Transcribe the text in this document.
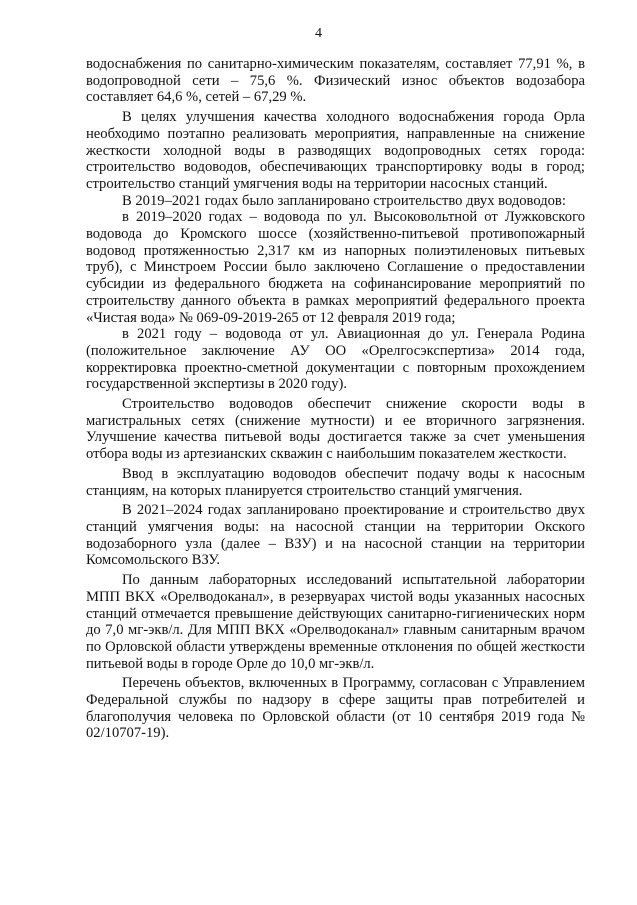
4

водоснабжения по санитарно-химическим показателям, составляет 77,91 %, в водопроводной сети – 75,6 %. Физический износ объектов водозабора составляет 64,6 %, сетей – 67,29 %.

В целях улучшения качества холодного водоснабжения города Орла необходимо поэтапно реализовать мероприятия, направленные на снижение жесткости холодной воды в разводящих водопроводных сетях города: строительство водоводов, обеспечивающих транспортировку воды в город; строительство станций умягчения воды на территории насосных станций.

В 2019–2021 годах было запланировано строительство двух водоводов:

в 2019–2020 годах – водовода по ул. Высоковольтной от Лужковского водовода до Кромского шоссе (хозяйственно-питьевой противопожарный водовод протяженностью 2,317 км из напорных полиэтиленовых питьевых труб), с Минстроем России было заключено Соглашение о предоставлении субсидии из федерального бюджета на софинансирование мероприятий по строительству данного объекта в рамках мероприятий федерального проекта «Чистая вода» № 069-09-2019-265 от 12 февраля 2019 года;

в 2021 году – водовода от ул. Авиационная до ул. Генерала Родина (положительное заключение АУ ОО «Орелгосэкспертиза» 2014 года, корректировка проектно-сметной документации с повторным прохождением государственной экспертизы в 2020 году).

Строительство водоводов обеспечит снижение скорости воды в магистральных сетях (снижение мутности) и ее вторичного загрязнения. Улучшение качества питьевой воды достигается также за счет уменьшения отбора воды из артезианских скважин с наибольшим показателем жесткости.

Ввод в эксплуатацию водоводов обеспечит подачу воды к насосным станциям, на которых планируется строительство станций умягчения.

В 2021–2024 годах запланировано проектирование и строительство двух станций умягчения воды: на насосной станции на территории Окского водозаборного узла (далее – ВЗУ) и на насосной станции на территории Комсомольского ВЗУ.

По данным лабораторных исследований испытательной лаборатории МПП ВКХ «Орелводоканал», в резервуарах чистой воды указанных насосных станций отмечается превышение действующих санитарно-гигиенических норм до 7,0 мг-экв/л. Для МПП ВКХ «Орелводоканал» главным санитарным врачом по Орловской области утверждены временные отклонения по общей жесткости питьевой воды в городе Орле до 10,0 мг-экв/л.

Перечень объектов, включенных в Программу, согласован с Управлением Федеральной службы по надзору в сфере защиты прав потребителей и благополучия человека по Орловской области (от 10 сентября 2019 года № 02/10707-19).
